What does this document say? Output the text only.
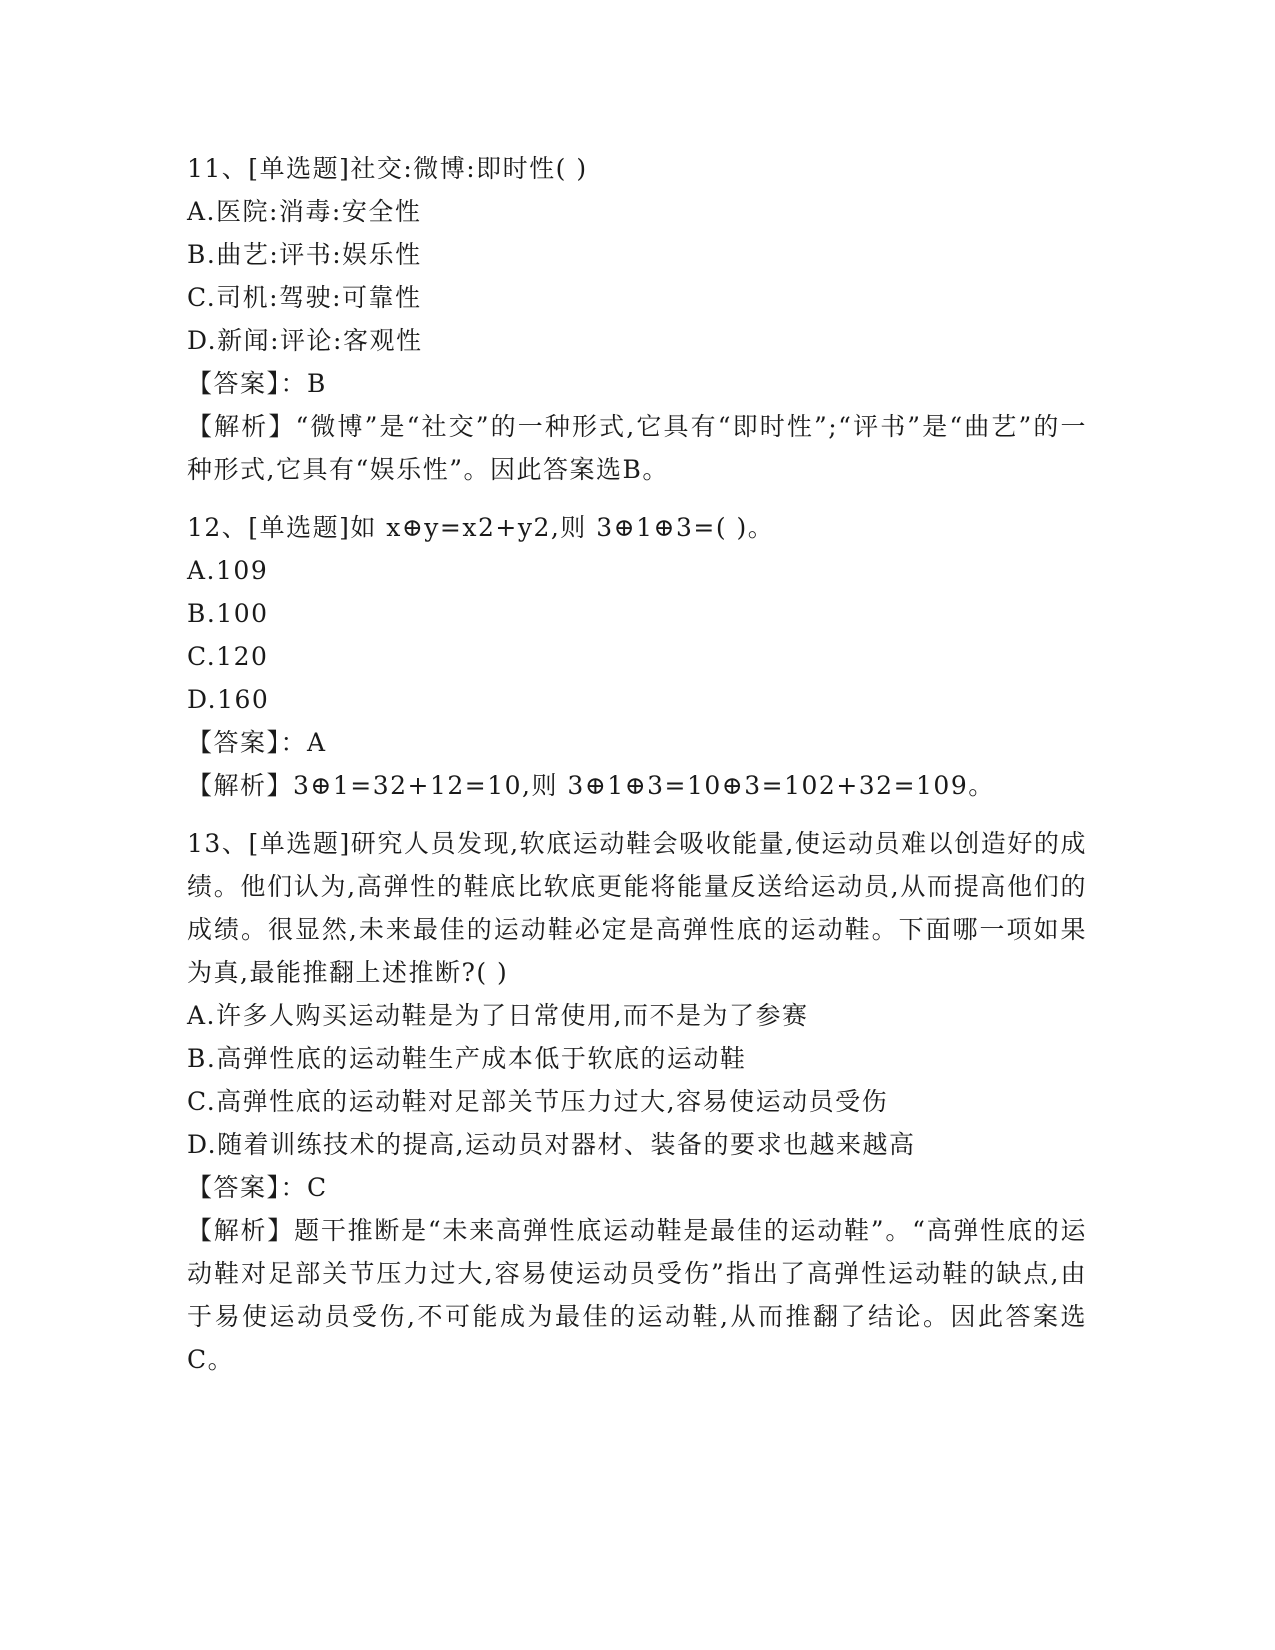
11、[单选题]社交:微博:即时性( )
A.医院:消毒:安全性
B.曲艺:评书:娱乐性
C.司机:驾驶:可靠性
D.新闻:评论:客观性
【答案】：B
【解析】“微博”是“社交”的一种形式,它具有“即时性”;“评书”是“曲艺”的一种形式,它具有“娱乐性”。因此答案选B。
12、[单选题]如 x⊕y=x2+y2,则 3⊕1⊕3=( )。
A.109
B.100
C.120
D.160
【答案】：A
【解析】3⊕1=32+12=10,则 3⊕1⊕3=10⊕3=102+32=109。
13、[单选题]研究人员发现,软底运动鞋会吸收能量,使运动员难以创造好的成绩。他们认为,高弹性的鞋底比软底更能将能量反送给运动员,从而提高他们的成绩。很显然,未来最佳的运动鞋必定是高弹性底的运动鞋。下面哪一项如果为真,最能推翻上述推断?( )
A.许多人购买运动鞋是为了日常使用,而不是为了参赛
B.高弹性底的运动鞋生产成本低于软底的运动鞋
C.高弹性底的运动鞋对足部关节压力过大,容易使运动员受伤
D.随着训练技术的提高,运动员对器材、装备的要求也越来越高
【答案】：C
【解析】题干推断是“未来高弹性底运动鞋是最佳的运动鞋”。“高弹性底的运动鞋对足部关节压力过大,容易使运动员受伤”指出了高弹性运动鞋的缺点,由于易使运动员受伤,不可能成为最佳的运动鞋,从而推翻了结论。因此答案选C。
